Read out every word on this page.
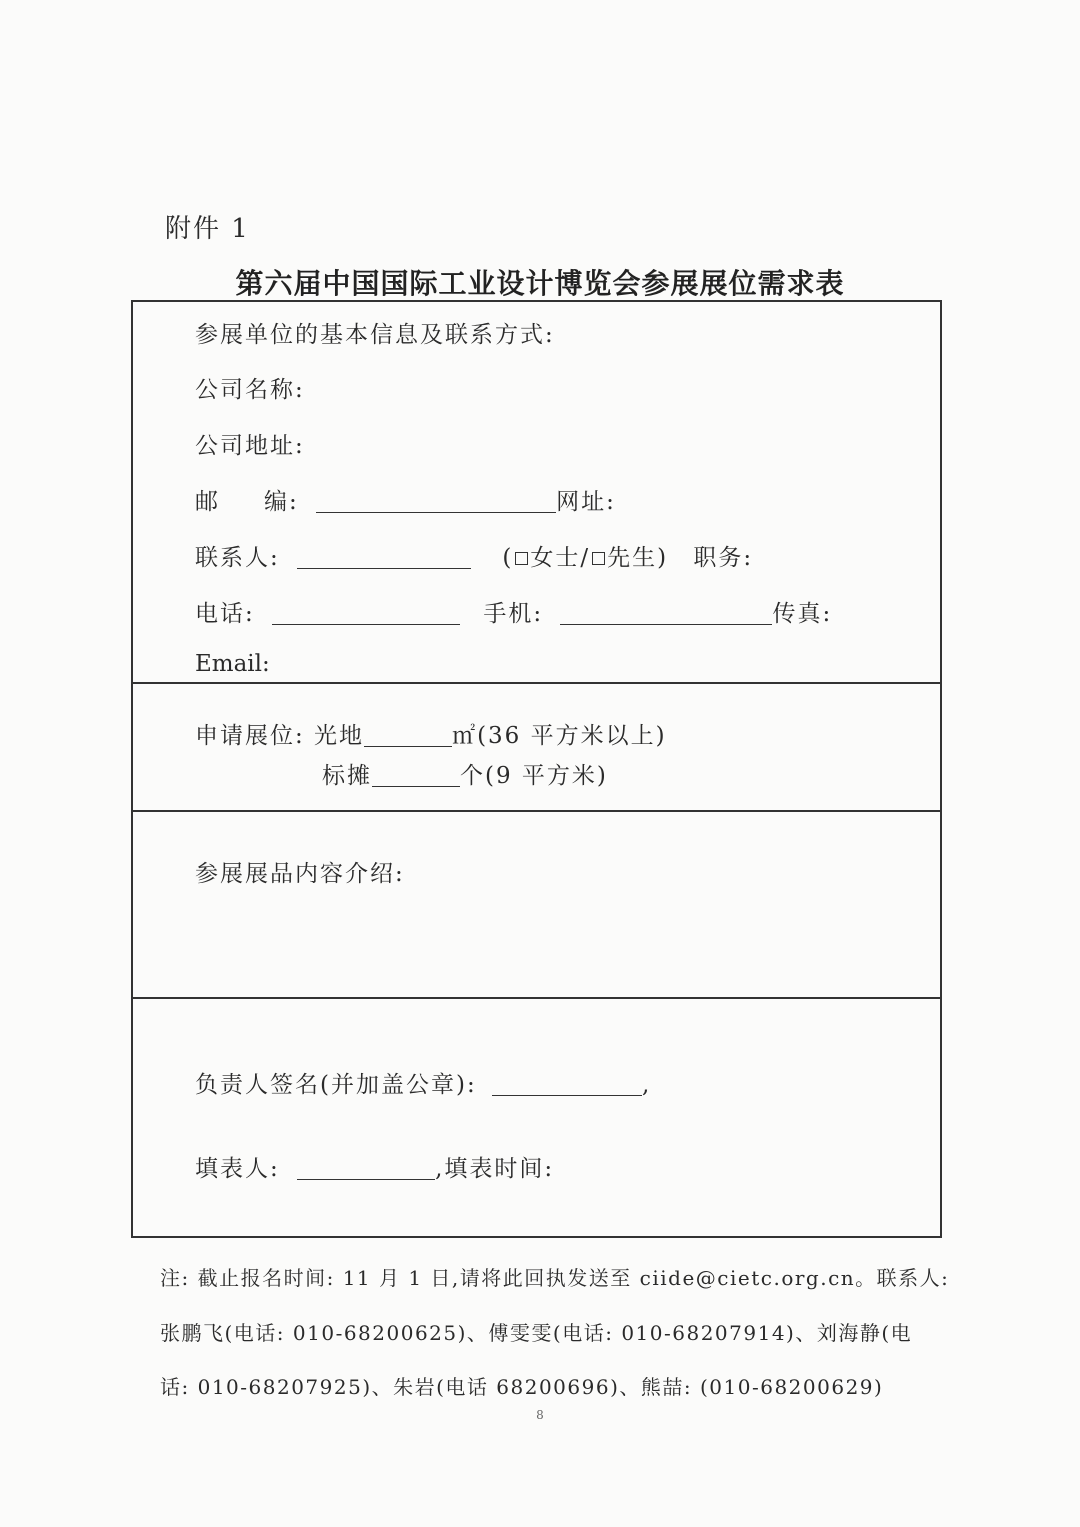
附件 1
第六届中国国际工业设计博览会参展展位需求表
参展单位的基本信息及联系方式:
公司名称:
公司地址:
邮 编:	网址:
联系人:	( 女士/ 先生) 职务:
电话:	手机:	传真:
Email:
申请展位: 光地	㎡(36 平方米以上)
标摊	个(9 平方米)
参展展品内容介绍:
负责人签名(并加盖公章):	,
填表人:	,填表时间:
注: 截止报名时间: 11 月 1 日,请将此回执发送至 ciide@cietc.org.cn。联系人:
张鹏飞(电话: 010-68200625)、傅雯雯(电话: 010-68207914)、刘海静(电
话: 010-68207925)、朱岩(电话 68200696)、熊喆: (010-68200629)
8
